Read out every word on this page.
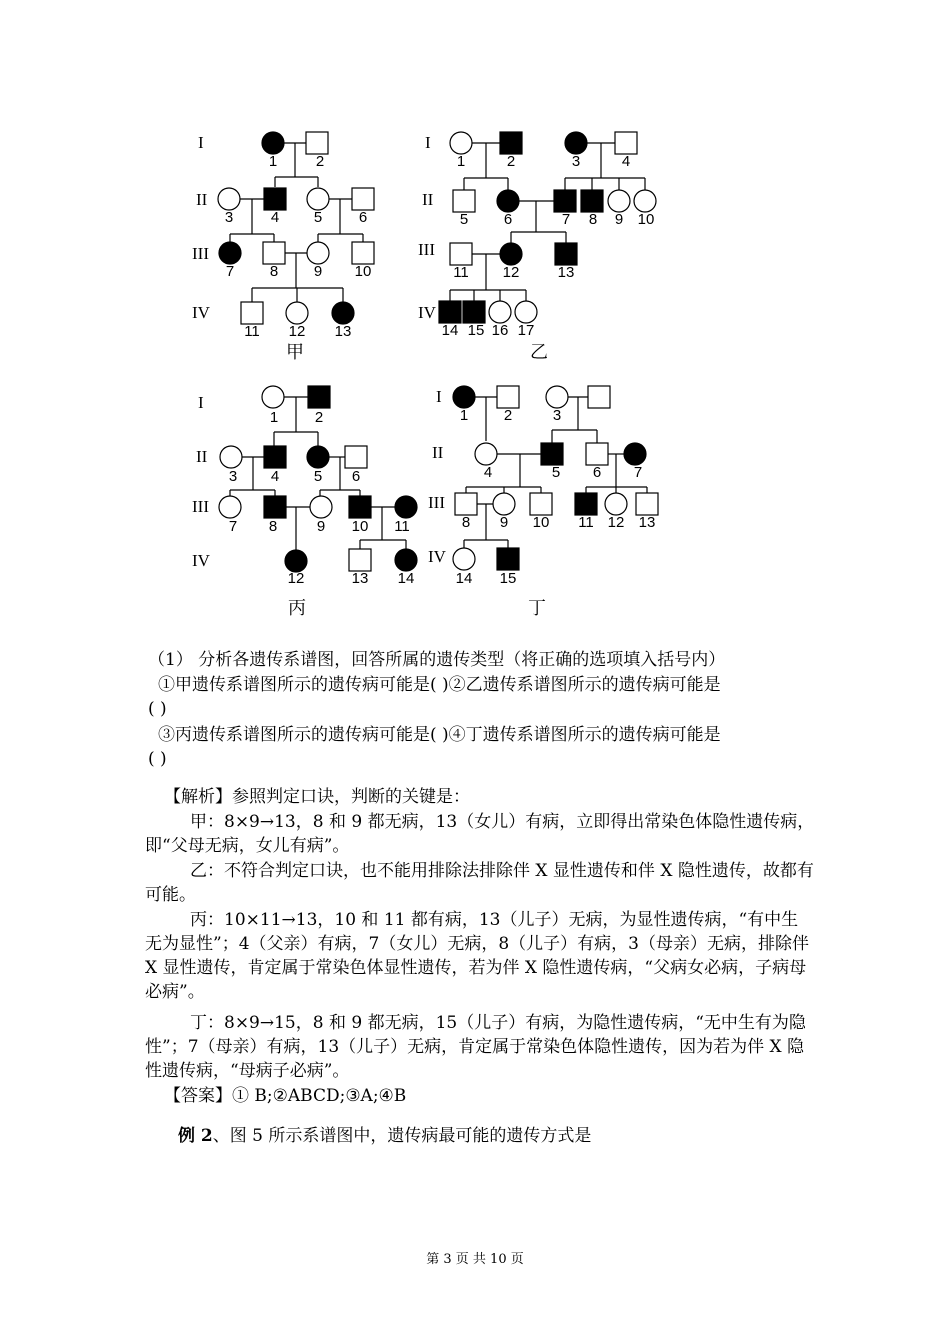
I
II
III
IV
I
II
III
IV
I
II
III
IV
I
II
III
IV
1	2
3	4 5 6
7 8 9 10
11 12 13
1	2	3	4
5 6	7 8 9 10
11 12	13
14 15 16 17
1 2
3 4 5 6
7 8	9 10 11
12	13 14
1 2	3
4	5 6 7
8 9 10 11 12 13
14 15
甲	乙
丙	丁
（1） 分析各遗传系谱图，回答所属的遗传类型（将正确的选项填入括号内）
①甲遗传系谱图所示的遗传病可能是( )②乙遗传系谱图所示的遗传病可能是
( )
③丙遗传系谱图所示的遗传病可能是( )④丁遗传系谱图所示的遗传病可能是
( )
【解析】参照判定口诀，判断的关键是：
甲：8×9→13，8 和 9 都无病，13（女儿）有病，立即得出常染色体隐性遗传病，即“父母无病，女儿有病”。
乙：不符合判定口诀，也不能用排除法排除伴 X 显性遗传和伴 X 隐性遗传，故都有可能。
丙：10×11→13，10 和 11 都有病，13（儿子）无病，为显性遗传病，“有中生无为显性”；4（父亲）有病，7（女儿）无病，8（儿子）有病，3（母亲）无病，排除伴 X 显性遗传，肯定属于常染色体显性遗传，若为伴 X 隐性遗传病，“父病女必病，子病母必病”。
丁：8×9→15，8 和 9 都无病，15（儿子）有病，为隐性遗传病，“无中生有为隐性”；7（母亲）有病，13（儿子）无病，肯定属于常染色体隐性遗传，因为若为伴 X 隐性遗传病，“母病子必病”。
【答案】① B;②ABCD;③A;④B
例 2、图 5 所示系谱图中，遗传病最可能的遗传方式是
第 3 页 共 10 页
